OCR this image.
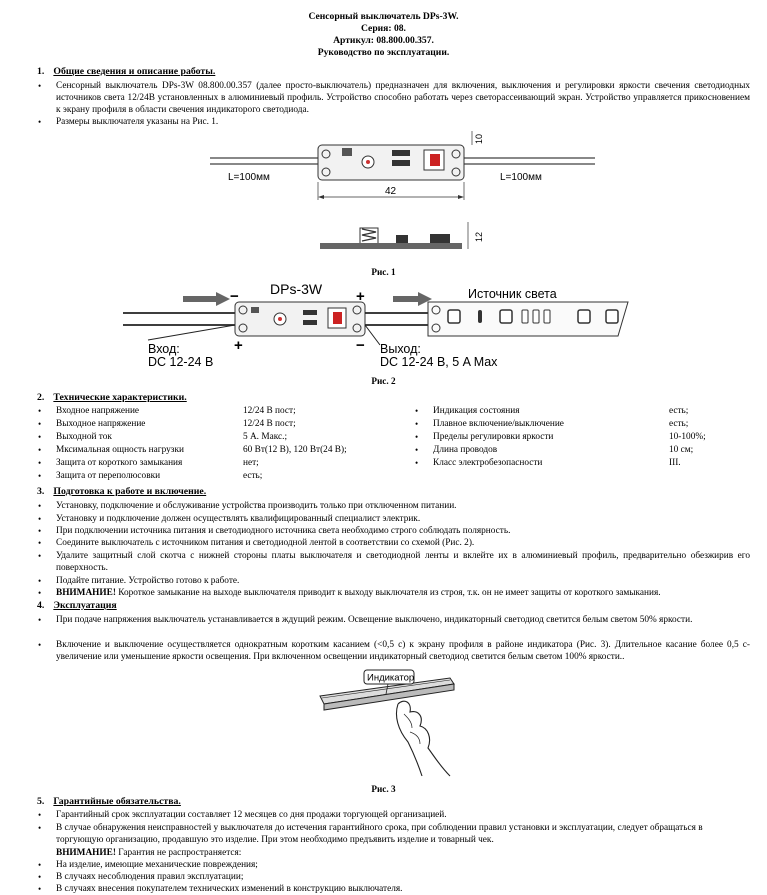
Сенсорный выключатель DPs-3W.
Серия: 08.
Артикул: 08.800.00.357.
Руководство по эксплуатации.
1. Общие сведения и описание работы.
• Сенсорный выключатель DPs-3W 08.800.00.357 (далее просто-выключатель) предназначен для включения, выключения и регулировки яркости свечения светодиодных источников света 12/24В установленных в алюминиевый профиль. Устройство способно работать через светорассеивающий экран. Устройство управляется прикосновением к экрану профиля в области свечения индикаторого светодиода.
• Размеры выключателя указаны на Рис. 1.
L=100мм	L=100мм
10
42
12
Рис. 1
DPs-3W
−
+
+
−
Источник света
Вход:
DC 12-24 В
Выход:
DC 12-24 В, 5 A Max
Рис. 2
2. Технические характеристики.
• Входное напряжение	12/24 В пост;
• Выходное напряжение	12/24 В пост;
• Выходной ток	5 А. Макс.;
• Мксимальная ощность нагрузки	60 Вт(12 В), 120 Вт(24 В);
• Защита от короткого замыкания	нет;
• Защита от переполюсовки	есть;
• Индикация состояния	есть;
• Плавное включение/выключение	есть;
• Пределы регулировки яркости	10-100%;
• Длина проводов	10 см;
• Класс электробезопасности	III.
3. Подготовка к работе и включение.
• Установку, подключение и обслуживание устройства производить только при отключенном питании.
• Установку и подключение должен осуществлять квалифицированный специалист электрик.
• При подключении источника питания и светодиодного источника света необходимо строго соблюдать полярность.
• Соедините выключатель с источником питания и светодиодной лентой в соответствии со схемой (Рис. 2).
• Удалите защитный слой скотча с нижней стороны платы выключателя и светодиодной ленты и вклейте их в алюминиевый профиль, предварительно обезжирив его поверхность.
• Подайте питание. Устройство готово к работе.
• ВНИМАНИЕ! Короткое замыкание на выходе выключателя приводит к выходу выключателя из строя, т.к. он не имеет защиты от короткого замыкания.
4. Эксплуатация
• При подаче напряжения выключатель устанавливается в ждущий режим. Освещение выключено, индикаторный светодиод светится белым светом 50% яркости.
• Включение и выключение осуществляется однократным коротким касанием (<0,5 с) к экрану профиля в районе индикатора (Рис. 3). Длительное касание более 0,5 с-увеличение или уменьшение яркости освещения. При включенном освещении индикаторный светодиод светится белым светом 100% яркости..
Индикатор
Рис. 3
5. Гарантийные обязательства.
• Гарантийный срок эксплуатации составляет 12 месяцев со дня продажи торгующей организацией.
• В случае обнаружения неисправностей у выключателя до истечения гарантийного срока, при соблюдении правил установки и эксплуатации, следует обращаться в торгующую организацию, продавшую это изделие. При этом необходимо предъявить изделие и товарный чек.
ВНИМАНИЕ! Гарантия не распространяется:
• На изделие, имеющие механические повреждения;
• В случаях несоблюдения правил эксплуатации;
• В случаях внесения покупателем технических изменений в конструкцию выключателя.
